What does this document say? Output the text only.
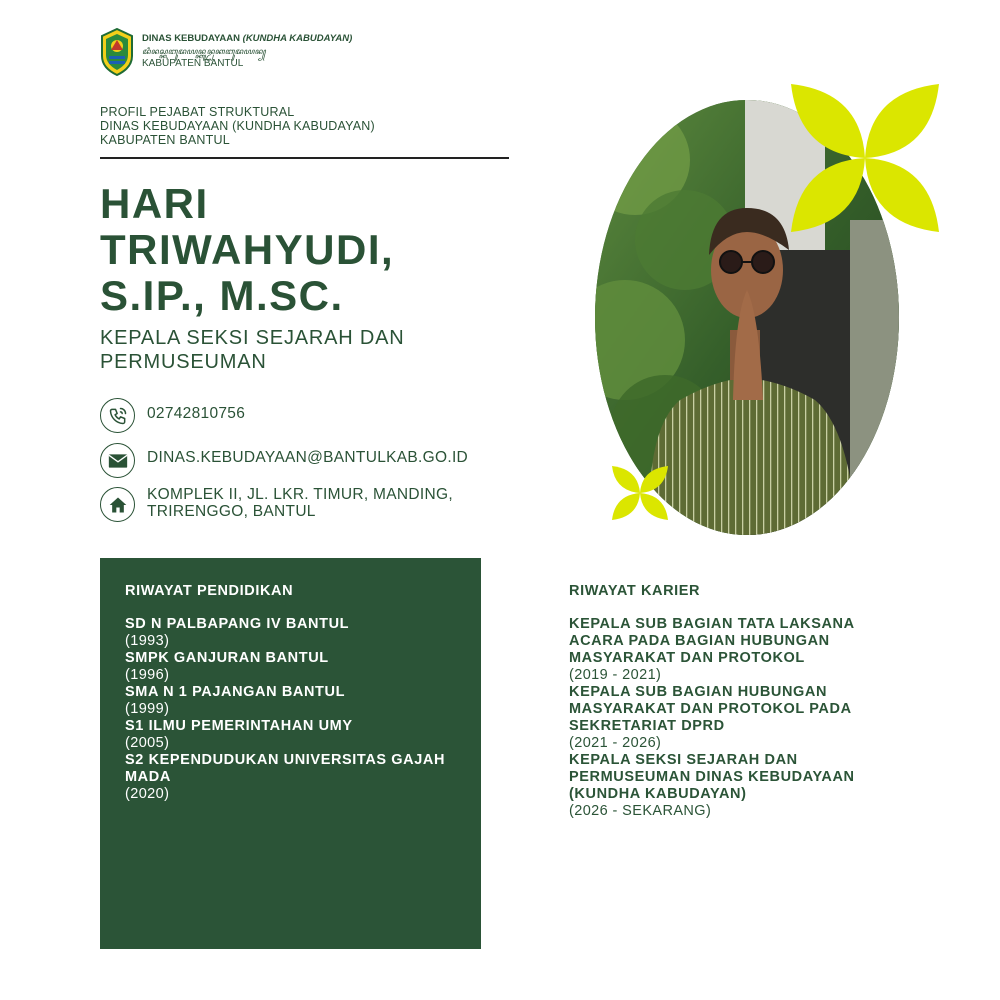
DINAS KEBUDAYAAN (KUNDHA KABUDAYAN)
ꦢꦶꦤꦱ꧀ꦏꦧꦸꦢꦪꦤ꧀ꦏꦸꦤ꧀ꦝꦏꦧꦸꦢꦪꦤ꧀
KABUPATEN BANTUL
PROFIL PEJABAT STRUKTURAL
DINAS KEBUDAYAAN (KUNDHA KABUDAYAN)
KABUPATEN BANTUL
HARI
TRIWAHYUDI,
S.IP., M.SC.
KEPALA SEKSI SEJARAH DAN PERMUSEUMAN
02742810756
DINAS.KEBUDAYAAN@BANTULKAB.GO.ID
KOMPLEK II, JL. LKR. TIMUR, MANDING, TRIRENGGO, BANTUL
RIWAYAT PENDIDIKAN
SD N PALBAPANG IV BANTUL
(1993)
SMPK GANJURAN BANTUL
(1996)
SMA N 1 PAJANGAN BANTUL
(1999)
S1 ILMU PEMERINTAHAN UMY
(2005)
S2 KEPENDUDUKAN UNIVERSITAS GAJAH MADA
(2020)
RIWAYAT KARIER
KEPALA SUB BAGIAN TATA LAKSANA ACARA PADA BAGIAN HUBUNGAN MASYARAKAT DAN PROTOKOL
(2019 - 2021)
KEPALA SUB BAGIAN HUBUNGAN MASYARAKAT DAN PROTOKOL PADA SEKRETARIAT DPRD
(2021 - 2026)
KEPALA SEKSI SEJARAH DAN PERMUSEUMAN DINAS KEBUDAYAAN (KUNDHA KABUDAYAN)
(2026 - SEKARANG)
